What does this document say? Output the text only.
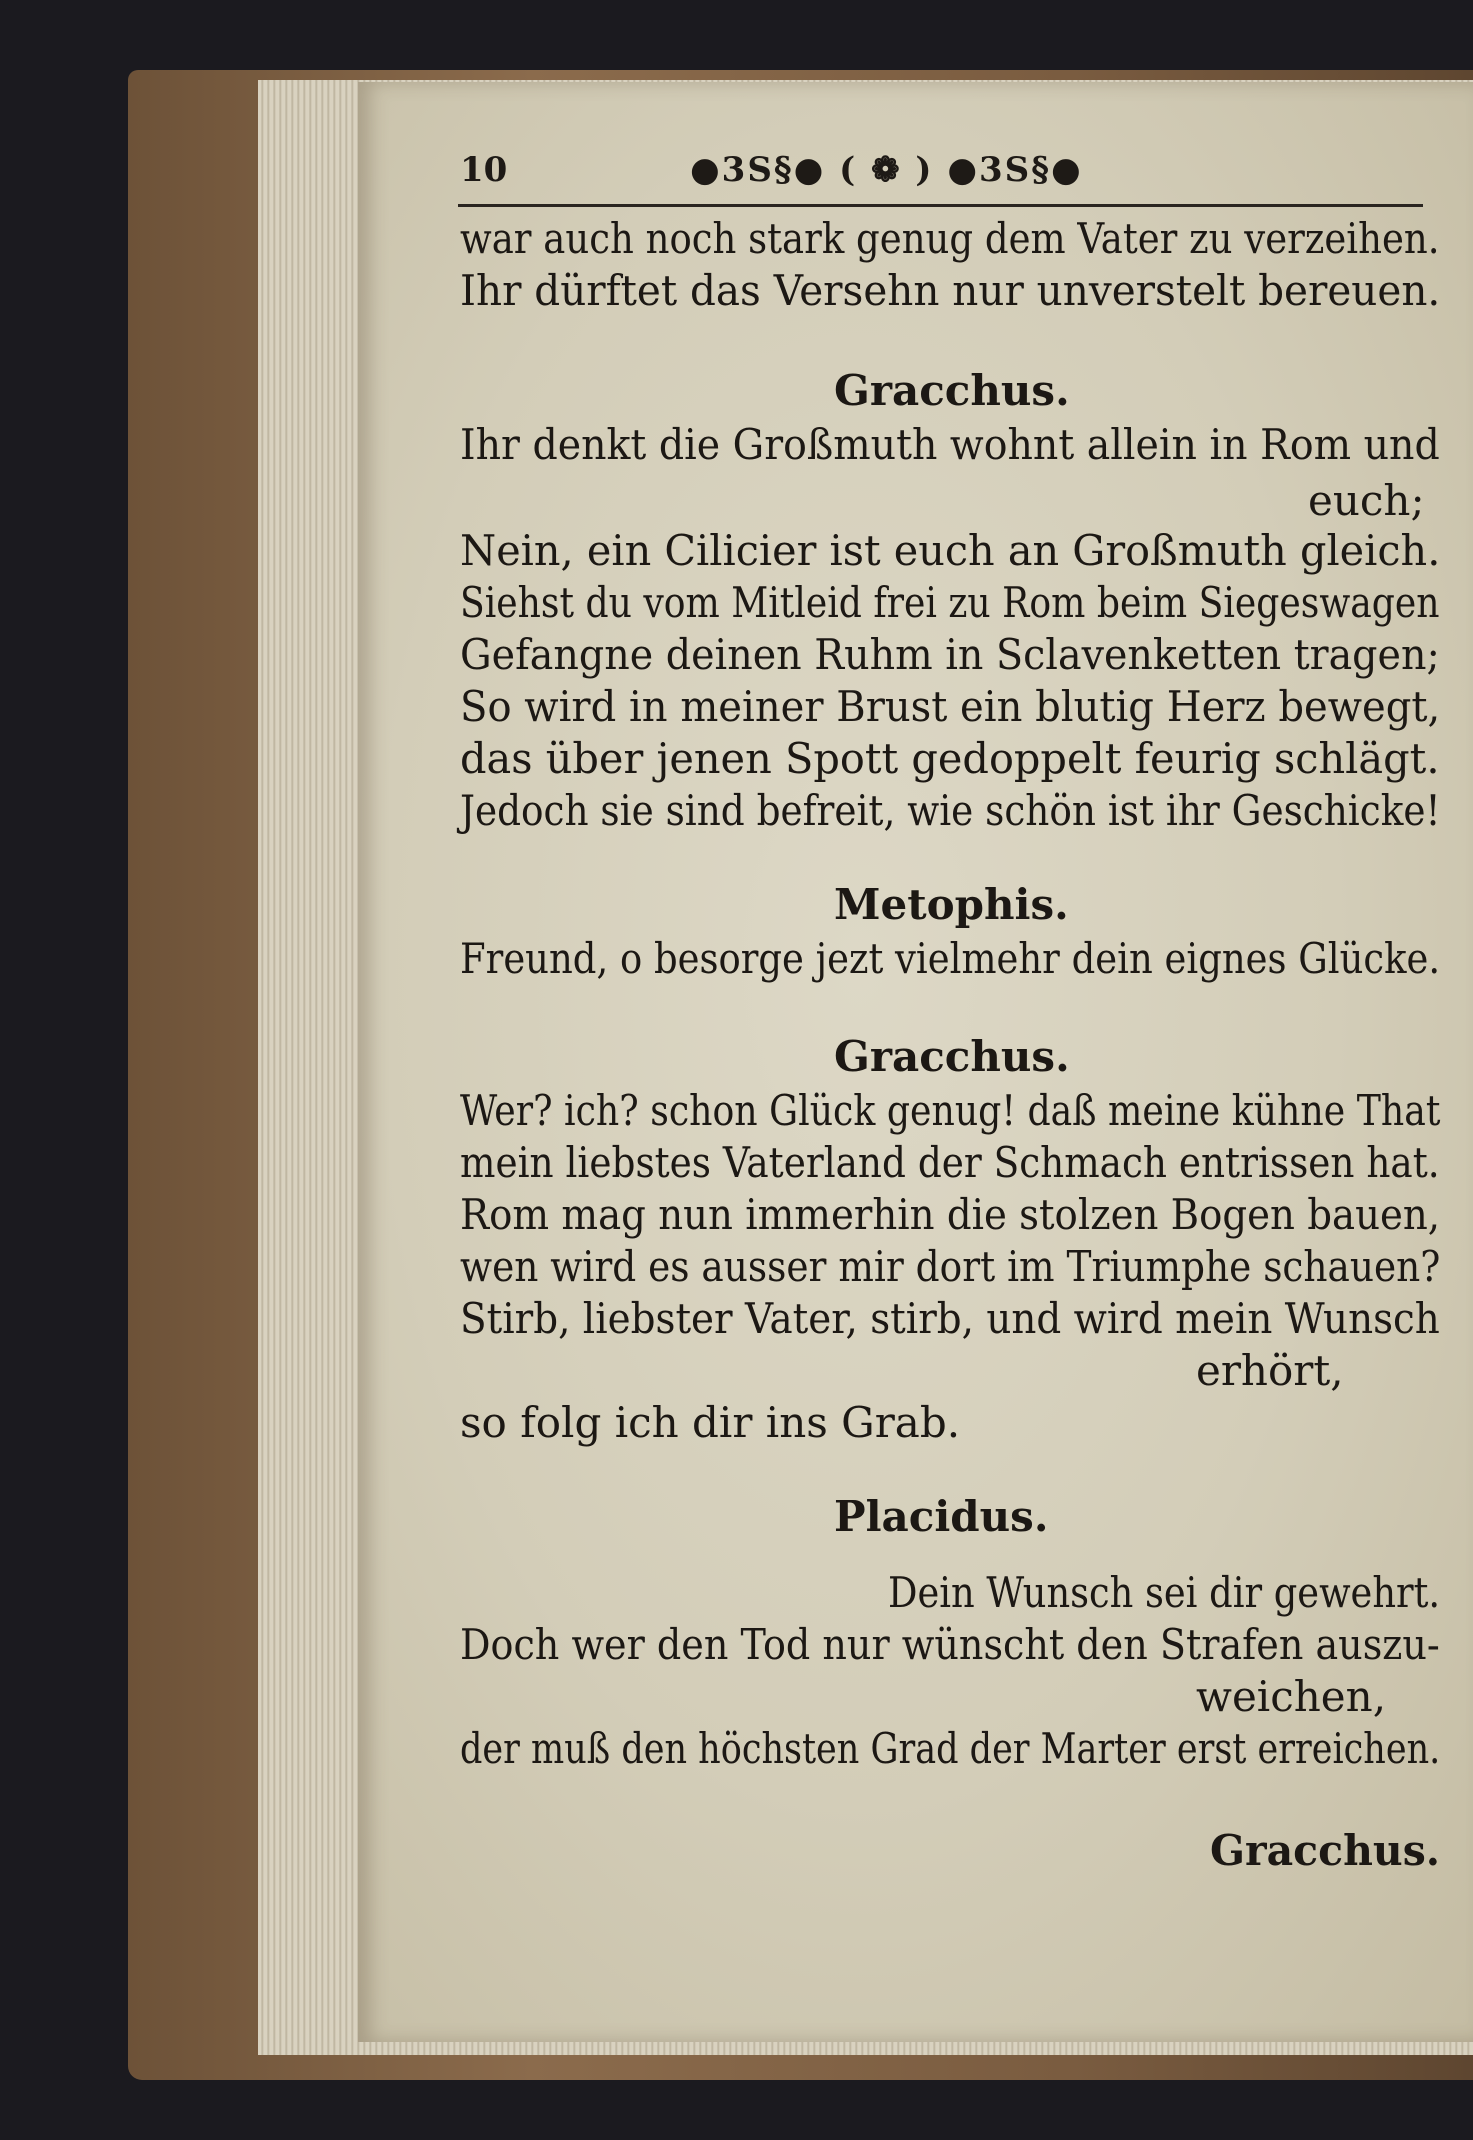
10	●3S§● ( ❁ ) ●3S§●
war auch noch stark genug dem Vater zu verzeihen.
Ihr dürftet das Versehn nur unverstelt bereuen.
Gracchus.
Ihr denkt die Großmuth wohnt allein in Rom und
euch;
Nein, ein Cilicier ist euch an Großmuth gleich.
Siehst du vom Mitleid frei zu Rom beim Siegeswagen
Gefangne deinen Ruhm in Sclavenketten tragen;
So wird in meiner Brust ein blutig Herz bewegt,
das über jenen Spott gedoppelt feurig schlägt.
Jedoch sie sind befreit, wie schön ist ihr Geschicke!
Metophis.
Freund, o besorge jezt vielmehr dein eignes Glücke.
Gracchus.
Wer? ich? schon Glück genug! daß meine kühne That
mein liebstes Vaterland der Schmach entrissen hat.
Rom mag nun immerhin die stolzen Bogen bauen,
wen wird es ausser mir dort im Triumphe schauen?
Stirb, liebster Vater, stirb, und wird mein Wunsch
erhört,
so folg ich dir ins Grab.
Placidus.
Dein Wunsch sei dir gewehrt.
Doch wer den Tod nur wünscht den Strafen auszu-
weichen,
der muß den höchsten Grad der Marter erst erreichen.
Gracchus.
